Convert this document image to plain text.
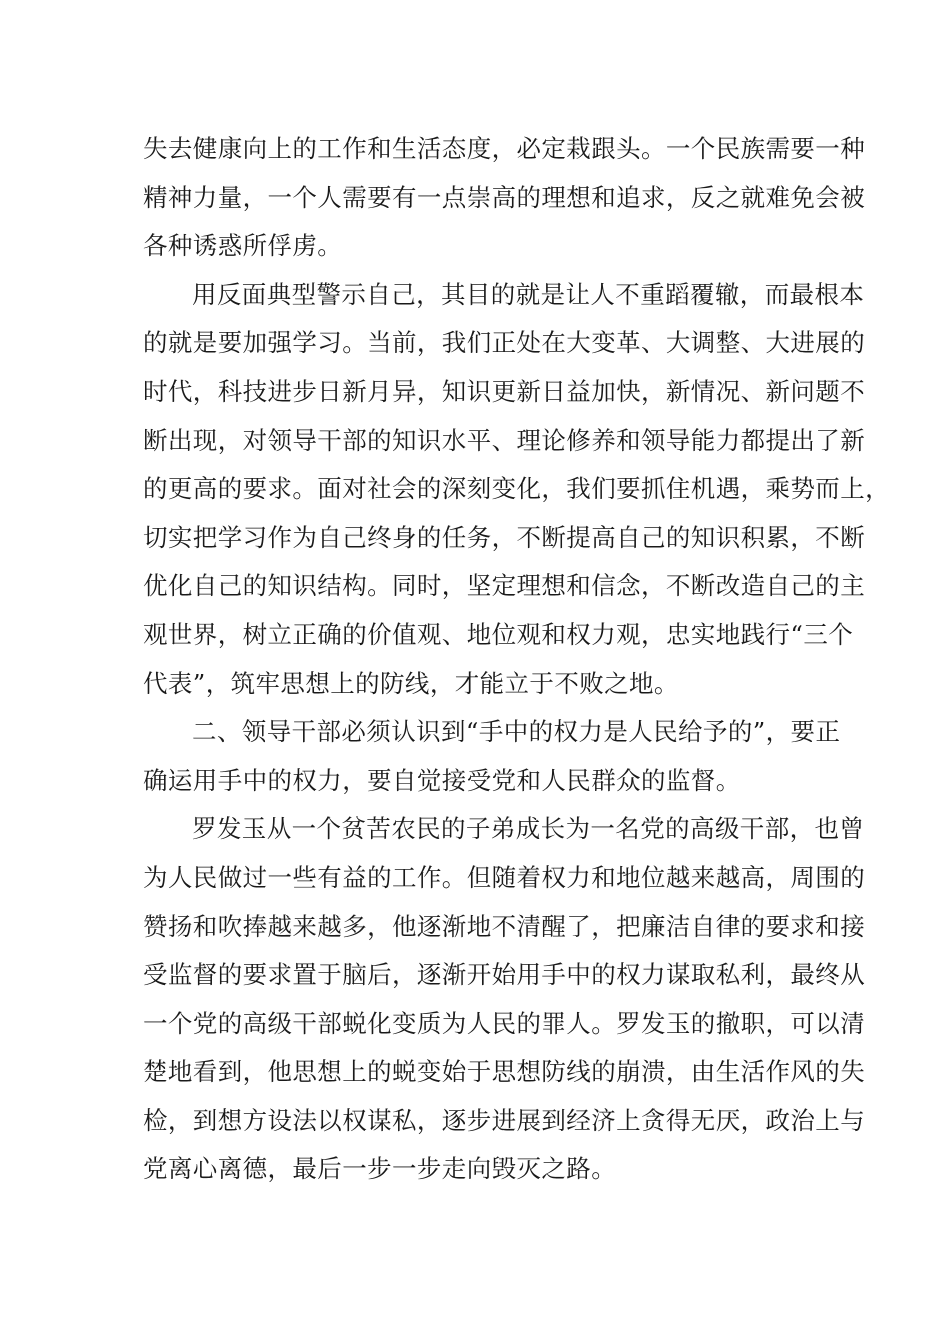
失去健康向上的工作和生活态度，必定栽跟头。一个民族需要一种
精神力量，一个人需要有一点崇高的理想和追求，反之就难免会被
各种诱惑所俘虏。
用反面典型警示自己，其目的就是让人不重蹈覆辙，而最根本
的就是要加强学习。当前，我们正处在大变革、大调整、大进展的
时代，科技进步日新月异，知识更新日益加快，新情况、新问题不
断出现，对领导干部的知识水平、理论修养和领导能力都提出了新
的更高的要求。面对社会的深刻变化，我们要抓住机遇，乘势而上，
切实把学习作为自己终身的任务，不断提高自己的知识积累，不断
优化自己的知识结构。同时，坚定理想和信念，不断改造自己的主
观世界，树立正确的价值观、地位观和权力观，忠实地践行“三个
代表”，筑牢思想上的防线，才能立于不败之地。
二、领导干部必须认识到“手中的权力是人民给予的”，要正
确运用手中的权力，要自觉接受党和人民群众的监督。
罗发玉从一个贫苦农民的子弟成长为一名党的高级干部，也曾
为人民做过一些有益的工作。但随着权力和地位越来越高，周围的
赞扬和吹捧越来越多，他逐渐地不清醒了，把廉洁自律的要求和接
受监督的要求置于脑后，逐渐开始用手中的权力谋取私利，最终从
一个党的高级干部蜕化变质为人民的罪人。罗发玉的撤职，可以清
楚地看到，他思想上的蜕变始于思想防线的崩溃，由生活作风的失
检，到想方设法以权谋私，逐步进展到经济上贪得无厌，政治上与
党离心离德，最后一步一步走向毁灭之路。
